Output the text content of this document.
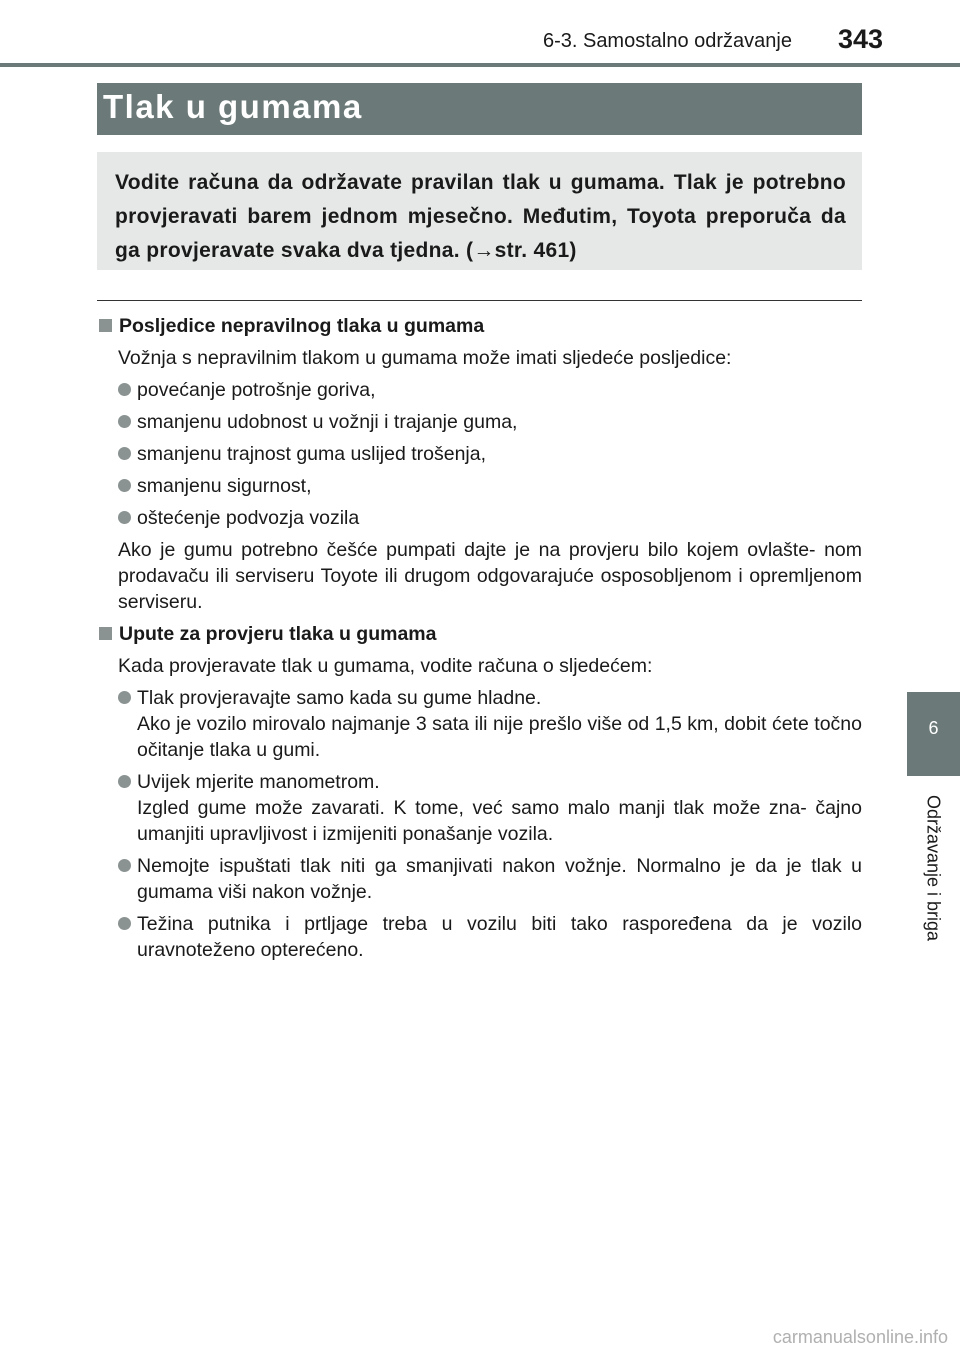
6-3. Samostalno održavanje 343
Tlak u gumama
Vodite računa da održavate pravilan tlak u gumama. Tlak je potrebno provjeravati barem jednom mjesečno. Međutim, Toyota preporuča da ga provjeravate svaka dva tjedna. (→str. 461)
Posljedice nepravilnog tlaka u gumama
Vožnja s nepravilnim tlakom u gumama može imati sljedeće posljedice:
povećanje potrošnje goriva,
smanjenu udobnost u vožnji i trajanje guma,
smanjenu trajnost guma uslijed trošenja,
smanjenu sigurnost,
oštećenje podvozja vozila
Ako je gumu potrebno češće pumpati dajte je na provjeru bilo kojem ovlašte- nom prodavaču ili serviseru Toyote ili drugom odgovarajuće osposobljenom i opremljenom serviseru.
Upute za provjeru tlaka u gumama
Kada provjeravate tlak u gumama, vodite računa o sljedećem:
Tlak provjeravajte samo kada su gume hladne.
Ako je vozilo mirovalo najmanje 3 sata ili nije prešlo više od 1,5 km, dobit ćete točno očitanje tlaka u gumi.
Uvijek mjerite manometrom.
Izgled gume može zavarati. K tome, već samo malo manji tlak može zna- čajno umanjiti upravljivost i izmijeniti ponašanje vozila.
Nemojte ispuštati tlak niti ga smanjivati nakon vožnje. Normalno je da je tlak u gumama viši nakon vožnje.
Težina putnika i prtljage treba u vozilu biti tako raspoređena da je vozilo uravnoteženo opterećeno.
6
Održavanje i briga
carmanualsonline.info
